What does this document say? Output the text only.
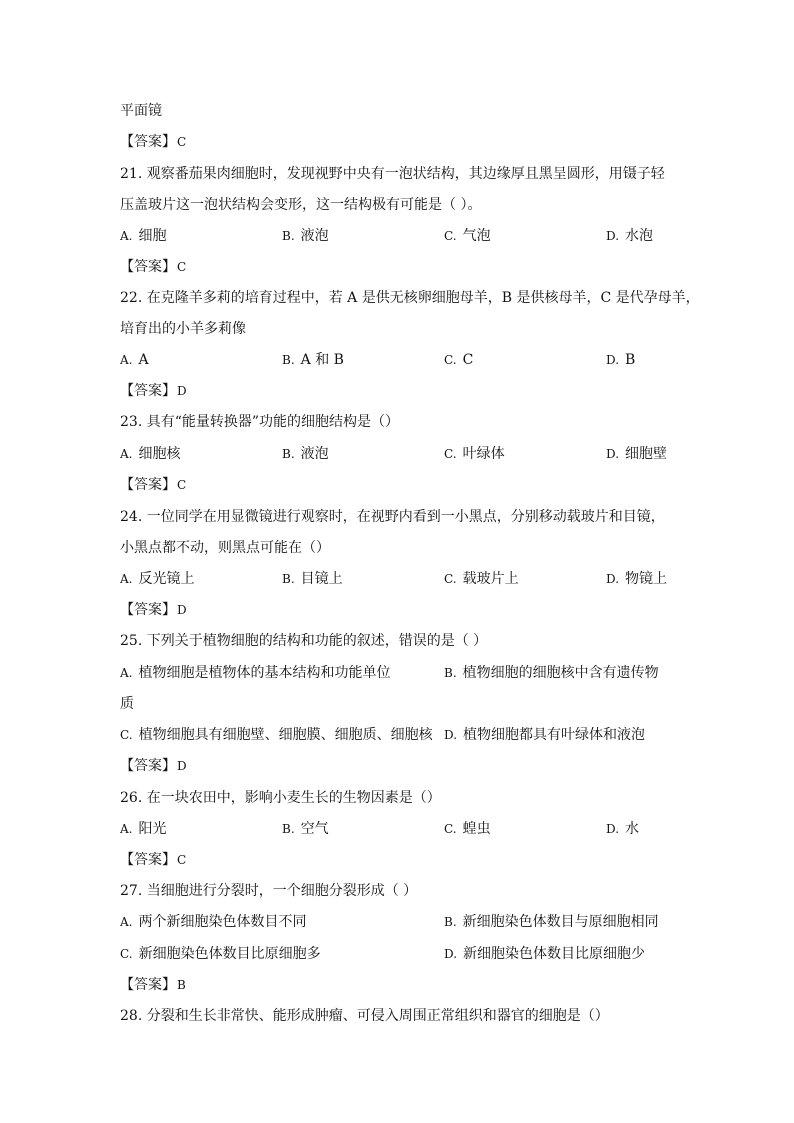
平面镜
【答案】C
21. 观察番茄果肉细胞时，发现视野中央有一泡状结构，其边缘厚且黑呈圆形，用镊子轻
压盖玻片这一泡状结构会变形，这一结构极有可能是（ ）。
A. 细胞	B. 液泡	C. 气泡	D. 水泡
【答案】C
22. 在克隆羊多莉的培育过程中，若 A 是供无核卵细胞母羊，B 是供核母羊，C 是代孕母羊，
培育出的小羊多莉像
A. A	B. A 和 B	C. C	D. B
【答案】D
23. 具有“能量转换器”功能的细胞结构是（）
A. 细胞核	B. 液泡	C. 叶绿体	D. 细胞壁
【答案】C
24. 一位同学在用显微镜进行观察时，在视野内看到一小黑点，分别移动载玻片和目镜，
小黑点都不动，则黑点可能在（）
A. 反光镜上	B. 目镜上	C. 载玻片上	D. 物镜上
【答案】D
25. 下列关于植物细胞的结构和功能的叙述，错误的是（ ）
A. 植物细胞是植物体的基本结构和功能单位	B. 植物细胞的细胞核中含有遗传物
质
C. 植物细胞具有细胞壁、细胞膜、细胞质、细胞核 D. 植物细胞都具有叶绿体和液泡
【答案】D
26. 在一块农田中，影响小麦生长的生物因素是（）
A. 阳光	B. 空气	C. 蝗虫	D. 水
【答案】C
27. 当细胞进行分裂时，一个细胞分裂形成（ ）
A. 两个新细胞染色体数目不同	B. 新细胞染色体数目与原细胞相同
C. 新细胞染色体数目比原细胞多	D. 新细胞染色体数目比原细胞少
【答案】B
28. 分裂和生长非常快、能形成肿瘤、可侵入周围正常组织和器官的细胞是（）
